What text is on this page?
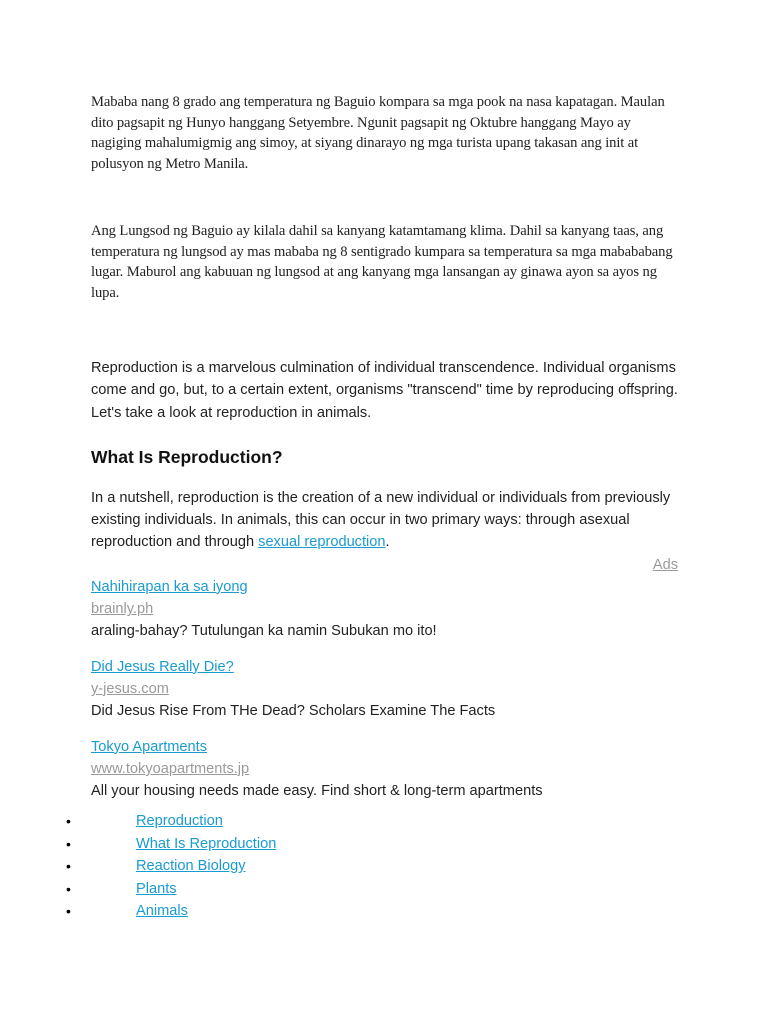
Mababa nang 8 grado ang temperatura ng Baguio kompara sa mga pook na nasa kapatagan. Maulan dito pagsapit ng Hunyo hanggang Setyembre. Ngunit pagsapit ng Oktubre hanggang Mayo ay nagiging mahalumigmig ang simoy, at siyang dinarayo ng mga turista upang takasan ang init at polusyon ng Metro Manila.

Ang Lungsod ng Baguio ay kilala dahil sa kanyang katamtamang klima. Dahil sa kanyang taas, ang temperatura ng lungsod ay mas mababa ng 8 sentigrado kumpara sa temperatura sa mga mabababang lugar. Maburol ang kabuuan ng lungsod at ang kanyang mga lansangan ay ginawa ayon sa ayos ng lupa.

Reproduction is a marvelous culmination of individual transcendence. Individual organisms come and go, but, to a certain extent, organisms "transcend" time by reproducing offspring. Let's take a look at reproduction in animals.

What Is Reproduction?

In a nutshell, reproduction is the creation of a new individual or individuals from previously existing individuals. In animals, this can occur in two primary ways: through asexual reproduction and through sexual reproduction.

Ads
Nahihirapan ka sa iyong
brainly.ph
araling-bahay? Tutulungan ka namin Subukan mo ito!
Did Jesus Really Die?
y-jesus.com
Did Jesus Rise From THe Dead? Scholars Examine The Facts
Tokyo Apartments
www.tokyoapartments.jp
All your housing needs made easy. Find short & long-term apartments
•	Reproduction
•	What Is Reproduction
•	Reaction Biology
•	Plants
•	Animals
